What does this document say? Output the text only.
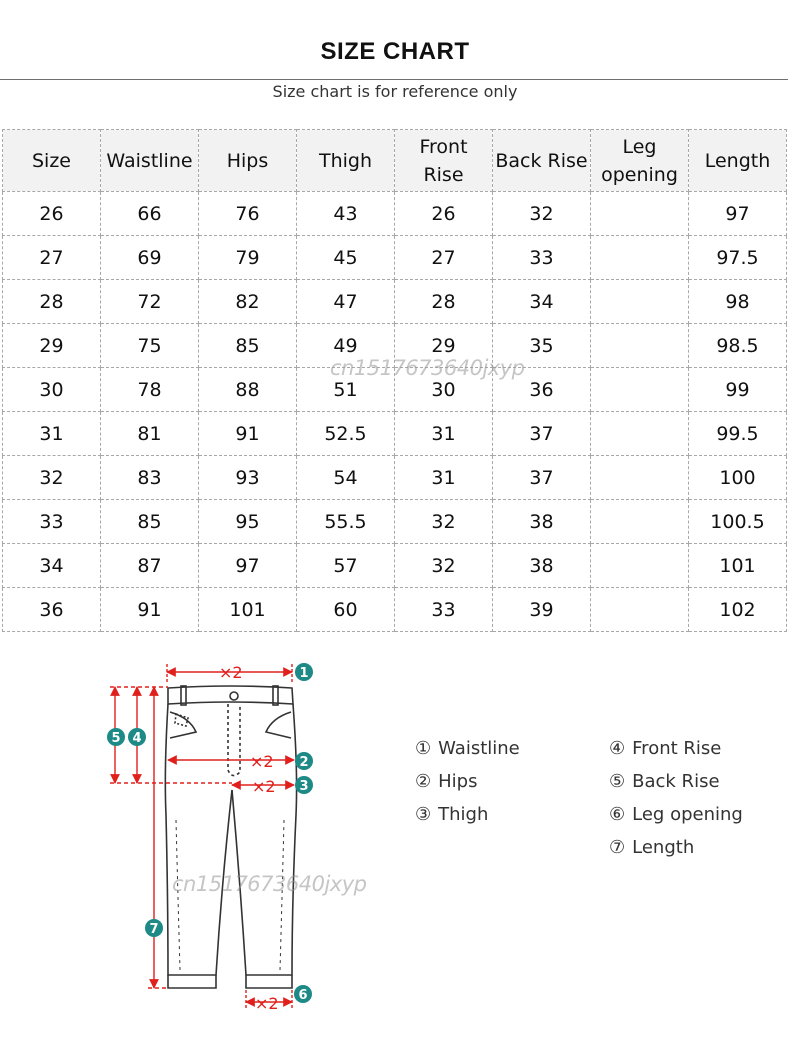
SIZE CHART
Size chart is for reference only
Size	Waistline	Hips	Thigh	Front Rise	Back Rise	Leg opening	Length
26	66	76	43	26	32		97
27	69	79	45	27	33		97.5
28	72	82	47	28	34		98
29	75	85	49	29	35		98.5
30	78	88	51	30	36		99
31	81	91	52.5	31	37		99.5
32	83	93	54	31	37		100
33	85	95	55.5	32	38		100.5
34	87	97	57	32	38		101
36	91	101	60	33	39		102
cn1517673640jxyp
×2
×2
×2
×2
1
2
3
4
5
6
7
cn1517673640jxyp
① Waistline
② Hips
③ Thigh
④ Front Rise
⑤ Back Rise
⑥ Leg opening
⑦ Length
